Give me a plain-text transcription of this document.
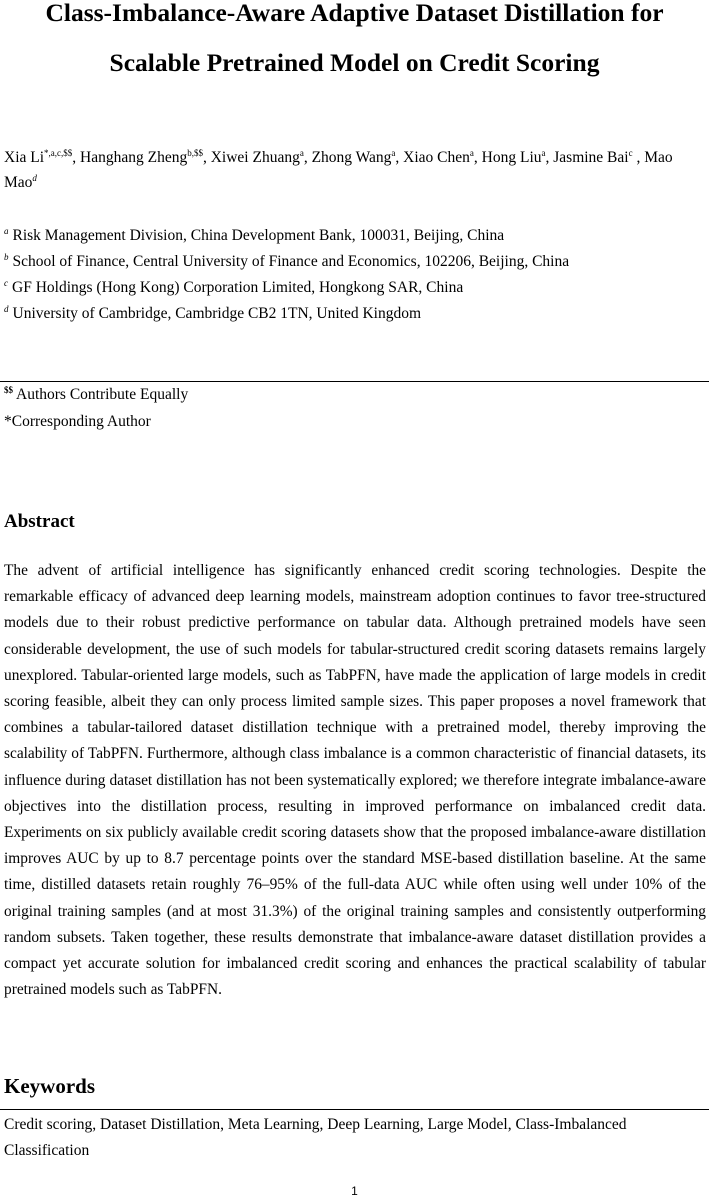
Class-Imbalance-Aware Adaptive Dataset Distillation for
Scalable Pretrained Model on Credit Scoring
Xia $Li^{*,a,c,\$\$}$, Hanghang Zheng$^{b,\$\$}$, Xiwei Zhuang$^a$, Zhong Wang$^a$, Xiao Chen$^a$, Hong Liu$^a$, Jasmine Bai$^c$ , Mao Mao$^d$
$^a$ Risk Management Division, China Development Bank, 100031, Beijing, China
$^b$ School of Finance, Central University of Finance and Economics, 102206, Beijing, China
$^c$ GF Holdings (Hong Kong) Corporation Limited, Hongkong SAR, China
$^d$ University of Cambridge, Cambridge CB2 1TN, United Kingdom
$$ Authors Contribute Equally
*Corresponding Author
Abstract

The advent of artificial intelligence has significantly enhanced credit scoring technologies. Despite the remarkable efficacy of advanced deep learning models, mainstream adoption continues to favor tree-structured models due to their robust predictive performance on tabular data. Although pretrained models have seen considerable development, the use of such models for tabular-structured credit scoring datasets remains largely unexplored. Tabular-oriented large models, such as TabPFN, have made the application of large models in credit scoring feasible, albeit they can only process limited sample sizes. This paper proposes a novel framework that combines a tabular-tailored dataset distillation technique with a pretrained model, thereby improving the scalability of TabPFN. Furthermore, although class imbalance is a common characteristic of financial datasets, its influence during dataset distillation has not been systematically explored; we therefore integrate imbalance-aware objectives into the distillation process, resulting in improved performance on imbalanced credit data. Experiments on six publicly available credit scoring datasets show that the proposed imbalance-aware distillation improves AUC by up to 8.7 percentage points over the standard MSE-based distillation baseline. At the same time, distilled datasets retain roughly 76–95% of the full-data AUC while often using well under 10% of the original training samples (and at most 31.3%) of the original training samples and consistently outperforming random subsets. Taken together, these results demonstrate that imbalance-aware dataset distillation provides a compact yet accurate solution for imbalanced credit scoring and enhances the practical scalability of tabular pretrained models such as TabPFN.

Keywords

Credit scoring, Dataset Distillation, Meta Learning, Deep Learning, Large Model, Class-Imbalanced Classification

1
